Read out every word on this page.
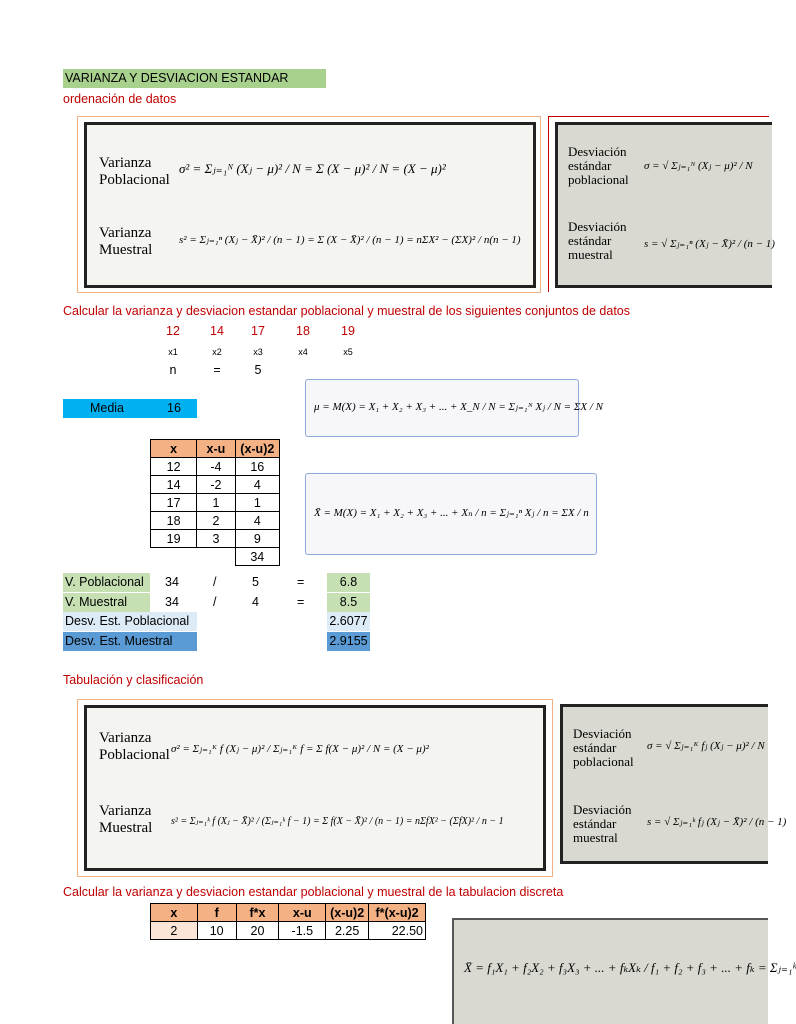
VARIANZA Y DESVIACION ESTANDAR
ordenación de datos
Varianza
Poblacional
σ² = Σⱼ₌₁ᴺ (Xⱼ − μ)² / N = Σ (X − μ)² / N = (X − μ)²
Varianza
Muestral
s² = Σⱼ₌₁ⁿ (Xⱼ − X̄)² / (n − 1) = Σ (X − X̄)² / (n − 1) = nΣX² − (ΣX)² / n(n − 1)
Desviación
estándar
poblacional
σ = √ Σⱼ₌₁ᴺ (Xⱼ − μ)² / N
Desviación
estándar
muestral
s = √ Σⱼ₌₁ⁿ (Xⱼ − X̄)² / (n − 1)
Calcular la varianza y desviacion estandar poblacional y muestral de los siguientes conjuntos de datos
12	14	17	18	19
x1	x2	x3	x4	x5
n	=	5
Media	16	μ = M(X) = X₁ + X₂ + X₃ + ... + X_N / N = Σⱼ₌₁ᴺ Xⱼ / N = ΣX / N
X̄ = M(X) = X₁ + X₂ + X₃ + ... + Xₙ / n = Σⱼ₌₁ⁿ Xⱼ / n = ΣX / n
x	x-u	(x-u)2
12	-4	16
14	-2	4
17	1	1
18	2	4
19	3	9
		34
V. Poblacional	34	/	5	=	6.8
V. Muestral	34	/	4	=	8.5
Desv. Est. Poblacional	2.6077
Desv. Est. Muestral	2.9155
Tabulación y clasificación
Varianza
Poblacional σ² = Σⱼ₌₁ᴷ f (Xⱼ − μ)² / Σⱼ₌₁ᴷ f = Σ f(X − μ)² / N = (X − μ)²
Varianza
Muestral s² = Σⱼ₌₁ᵏ f (Xⱼ − X̄)² / (Σⱼ₌₁ᵏ f − 1) = Σ f(X − X̄)² / (n − 1) = nΣfX² − (ΣfX)² / n − 1
Desviación
estándar
poblacional
σ = √ Σⱼ₌₁ᴷ fⱼ (Xⱼ − μ)² / N
Desviación
estándar
muestral
s = √ Σⱼ₌₁ᵏ fⱼ (Xⱼ − X̄)² / (n − 1)
Calcular la varianza y desviacion estandar poblacional y muestral de la tabulacion discreta
x	f	f*x	x-u	(x-u)2	f*(x-u)2
2	10	20	-1.5	2.25	22.50
X̄ = f₁X₁ + f₂X₂ + f₃X₃ + ... + fₖXₖ / f₁ + f₂ + f₃ + ... + fₖ = Σⱼ₌₁ᵏ
